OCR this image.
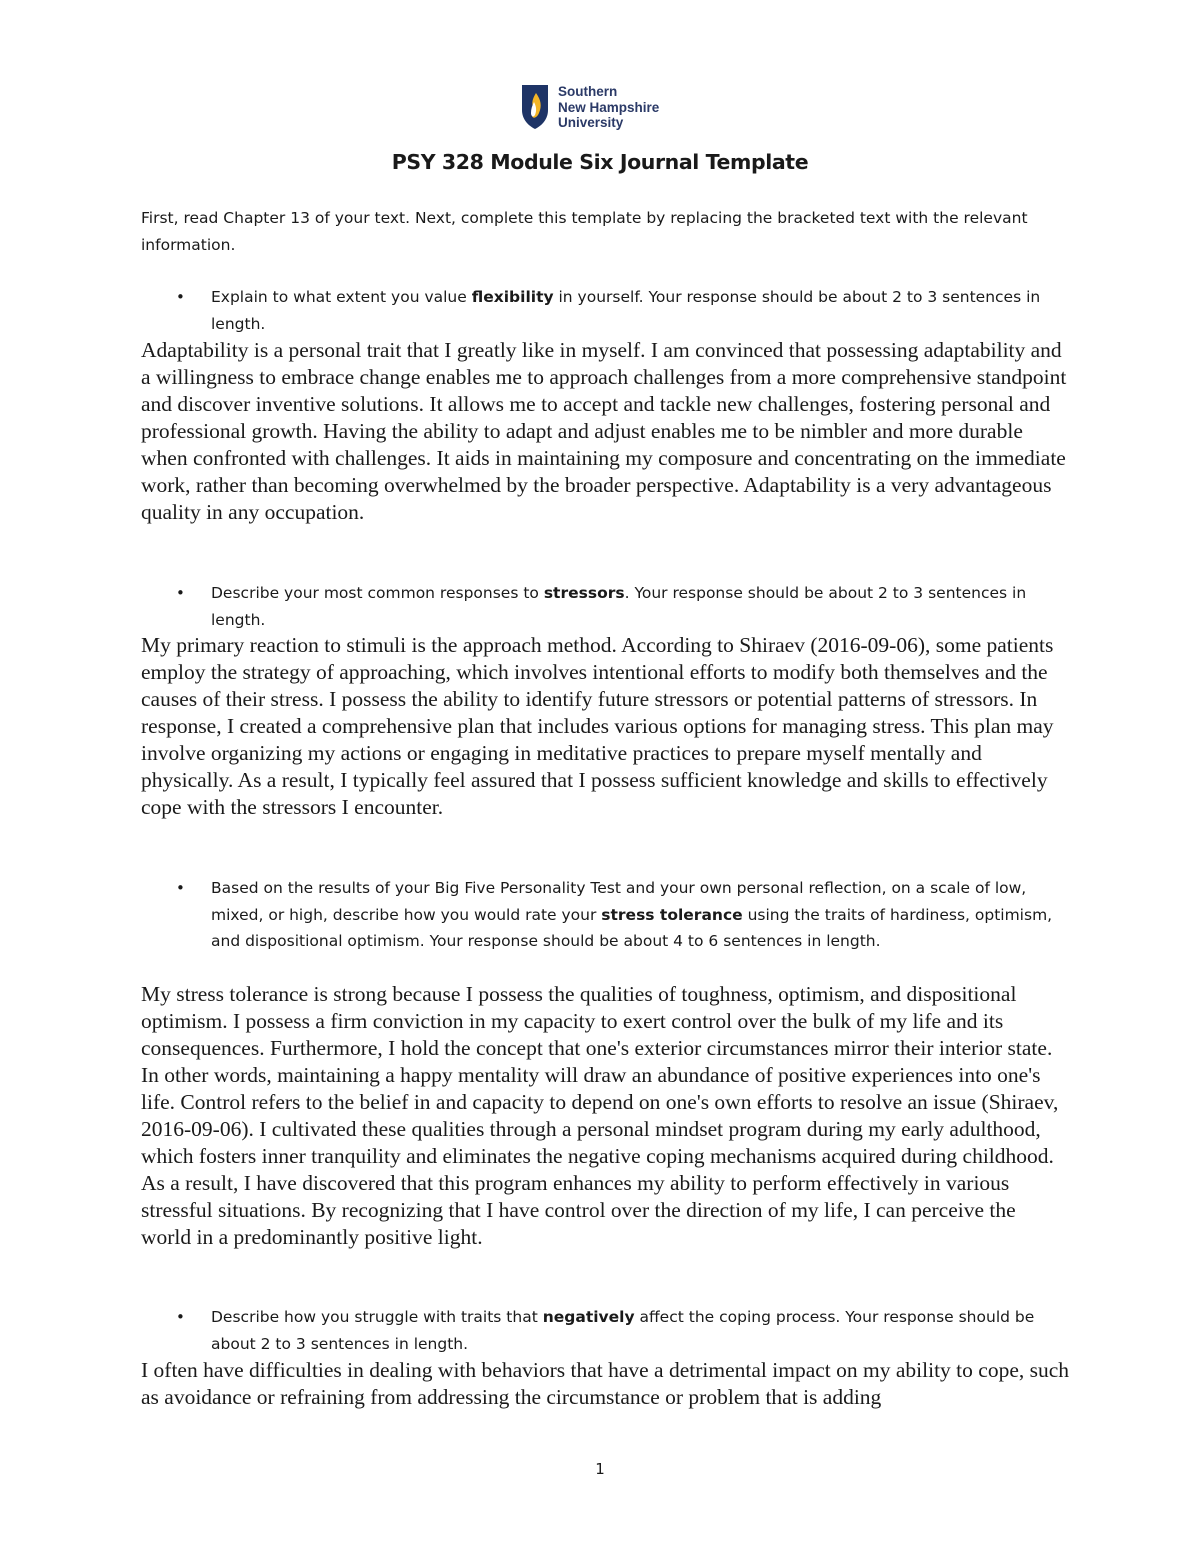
Southern
New Hampshire
University
PSY 328 Module Six Journal Template

First, read Chapter 13 of your text. Next, complete this template by replacing the bracketed text with the relevant information.

• Explain to what extent you value flexibility in yourself. Your response should be about 2 to 3 sentences in length.

Adaptability is a personal trait that I greatly like in myself. I am convinced that possessing adaptability and a willingness to embrace change enables me to approach challenges from a more comprehensive standpoint and discover inventive solutions. It allows me to accept and tackle new challenges, fostering personal and professional growth. Having the ability to adapt and adjust enables me to be nimbler and more durable when confronted with challenges. It aids in maintaining my composure and concentrating on the immediate work, rather than becoming overwhelmed by the broader perspective. Adaptability is a very advantageous quality in any occupation.

• Describe your most common responses to stressors. Your response should be about 2 to 3 sentences in length.

My primary reaction to stimuli is the approach method. According to Shiraev (2016-09-06), some patients employ the strategy of approaching, which involves intentional efforts to modify both themselves and the causes of their stress. I possess the ability to identify future stressors or potential patterns of stressors. In response, I created a comprehensive plan that includes various options for managing stress. This plan may involve organizing my actions or engaging in meditative practices to prepare myself mentally and physically. As a result, I typically feel assured that I possess sufficient knowledge and skills to effectively cope with the stressors I encounter.

• Based on the results of your Big Five Personality Test and your own personal reflection, on a scale of low, mixed, or high, describe how you would rate your stress tolerance using the traits of hardiness, optimism, and dispositional optimism. Your response should be about 4 to 6 sentences in length.

My stress tolerance is strong because I possess the qualities of toughness, optimism, and dispositional optimism. I possess a firm conviction in my capacity to exert control over the bulk of my life and its consequences. Furthermore, I hold the concept that one's exterior circumstances mirror their interior state. In other words, maintaining a happy mentality will draw an abundance of positive experiences into one's life. Control refers to the belief in and capacity to depend on one's own efforts to resolve an issue (Shiraev, 2016-09-06). I cultivated these qualities through a personal mindset program during my early adulthood, which fosters inner tranquility and eliminates the negative coping mechanisms acquired during childhood. As a result, I have discovered that this program enhances my ability to perform effectively in various stressful situations. By recognizing that I have control over the direction of my life, I can perceive the world in a predominantly positive light.

• Describe how you struggle with traits that negatively affect the coping process. Your response should be about 2 to 3 sentences in length.

I often have difficulties in dealing with behaviors that have a detrimental impact on my ability to cope, such as avoidance or refraining from addressing the circumstance or problem that is adding

1
